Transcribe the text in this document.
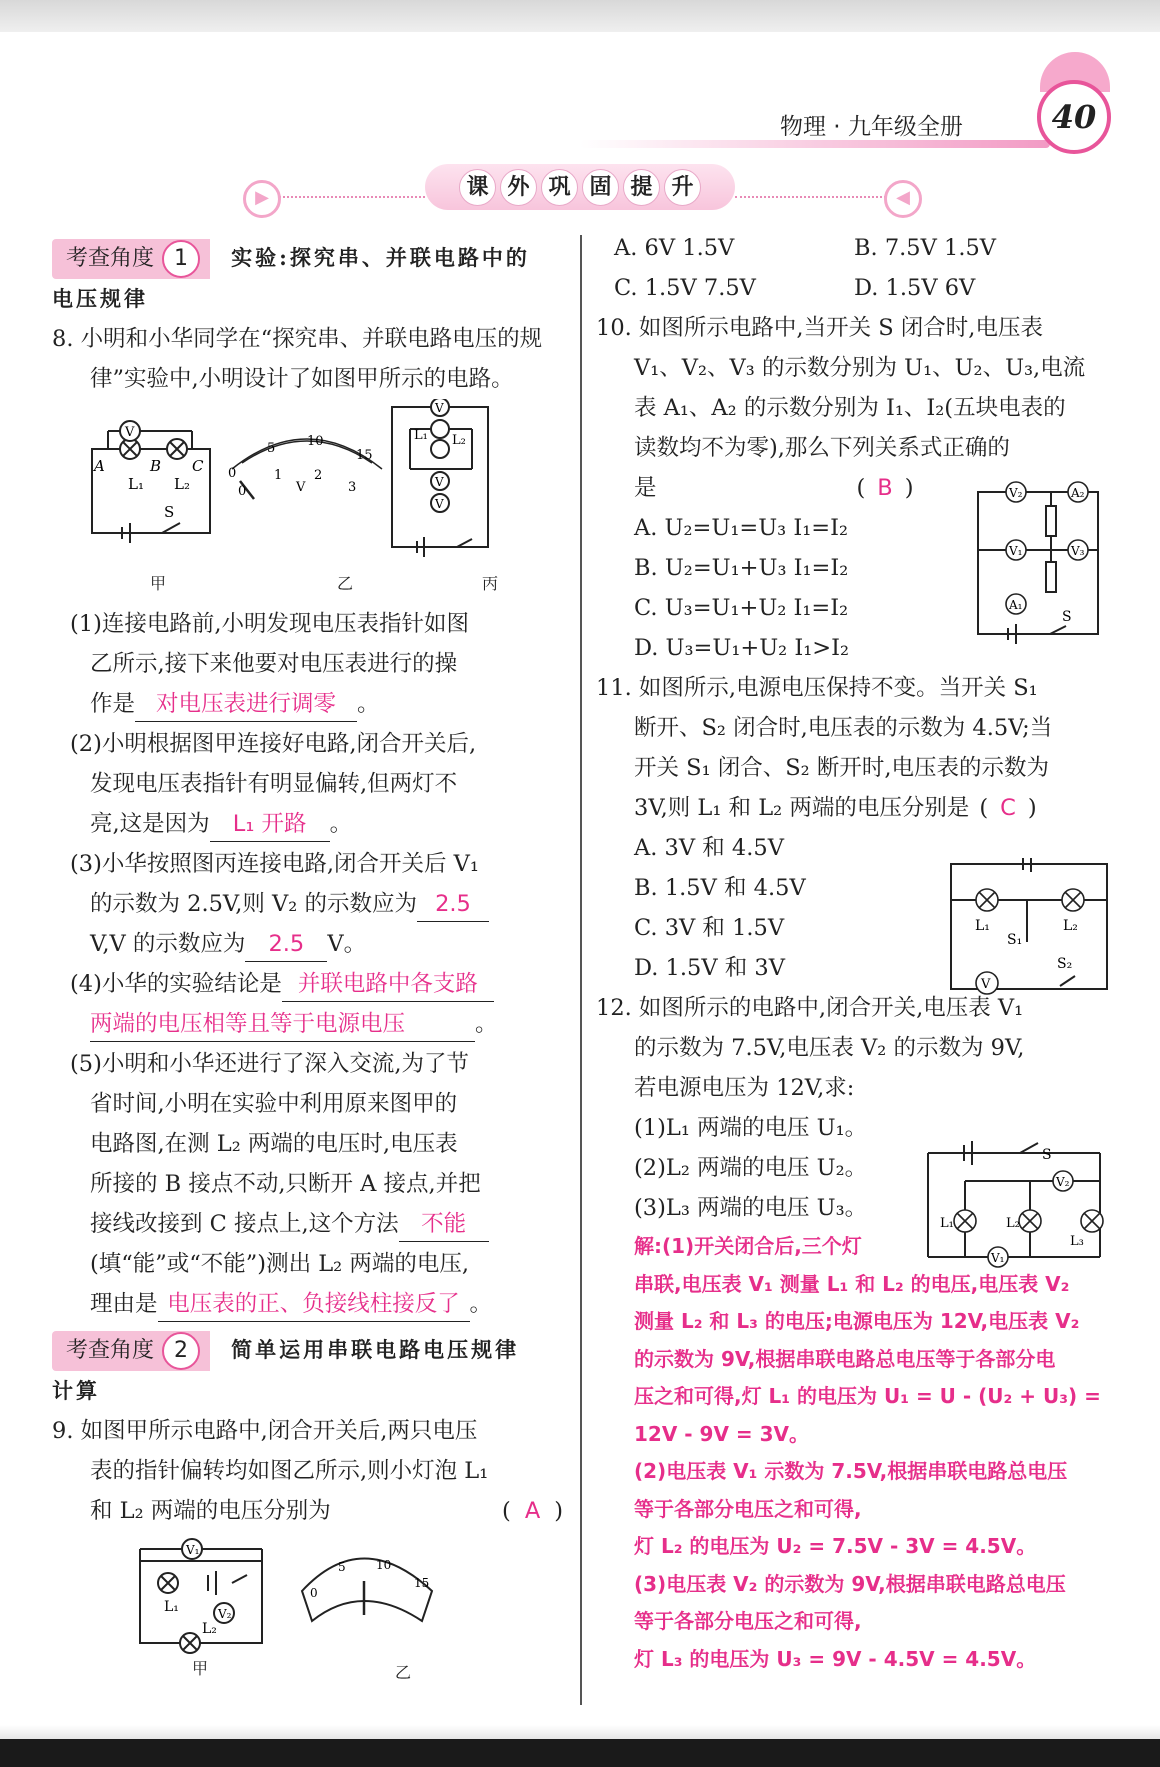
物理 · 九年级全册	40
▶	◀
课 外 巩 固 提 升

考查角度 1 实验:探究串、并联电路中的

电压规律

8. 小明和小华同学在“探究串、并联电路电压的规

律”实验中,小明设计了如图甲所示的电路。

V
A	B C
L₁ L₂
S
0
5 10
15
0
1
V
2
3
V
V
V
L₁ L₂
甲	乙	丙

(1)连接电路前,小明发现电压表指针如图

乙所示,接下来他要对电压表进行的操

作是 对电压表进行调零 。

(2)小明根据图甲连接好电路,闭合开关后,

发现电压表指针有明显偏转,但两灯不

亮,这是因为 L₁ 开路 。

(3)小华按照图丙连接电路,闭合开关后 V₁

的示数为 2.5V,则 V₂ 的示数应为 2.5

V,V 的示数应为 2.5 V。

(4)小华的实验结论是 并联电路中各支路

两端的电压相等且等于电源电压	。

(5)小明和小华还进行了深入交流,为了节

省时间,小明在实验中利用原来图甲的

电路图,在测 L₂ 两端的电压时,电压表

所接的 B 接点不动,只断开 A 接点,并把

接线改接到 C 接点上,这个方法 不能

(填“能”或“不能”)测出 L₂ 两端的电压,

理由是 电压表的正、负接线柱接反了 。

考查角度 2 简单运用串联电路电压规律

计算

9. 如图甲所示电路中,闭合开关后,两只电压

表的指针偏转均如图乙所示,则小灯泡 L₁

和 L₂ 两端的电压分别为	( A )

V₁
V₂
L₁
L₂
0
5	10
15
甲	乙

A. 6V 1.5V	B. 7.5V 1.5V

C. 1.5V 7.5V	D. 1.5V 6V

10. 如图所示电路中,当开关 S 闭合时,电压表

V₁、V₂、V₃ 的示数分别为 U₁、U₂、U₃,电流

表 A₁、A₂ 的示数分别为 I₁、I₂(五块电表的

读数均不为零),那么下列关系式正确的

是	( B )

A. U₂=U₁=U₃ I₁=I₂

B. U₂=U₁+U₃ I₁=I₂

C. U₃=U₁+U₂ I₁=I₂

D. U₃=U₁+U₂ I₁>I₂

11. 如图所示,电源电压保持不变。当开关 S₁

断开、S₂ 闭合时,电压表的示数为 4.5V;当

开关 S₁ 闭合、S₂ 断开时,电压表的示数为

3V,则 L₁ 和 L₂ 两端的电压分别是 ( C )

A. 3V 和 4.5V

B. 1.5V 和 4.5V

C. 3V 和 1.5V

D. 1.5V 和 3V

12. 如图所示的电路中,闭合开关,电压表 V₁

的示数为 7.5V,电压表 V₂ 的示数为 9V,

若电源电压为 12V,求:

(1)L₁ 两端的电压 U₁。

(2)L₂ 两端的电压 U₂。

(3)L₃ 两端的电压 U₃。

解:(1)开关闭合后,三个灯

串联,电压表 V₁ 测量 L₁ 和 L₂ 的电压,电压表 V₂

测量 L₂ 和 L₃ 的电压;电源电压为 12V,电压表 V₂

的示数为 9V,根据串联电路总电压等于各部分电

压之和可得,灯 L₁ 的电压为 U₁ = U - (U₂ + U₃) =

12V - 9V = 3V。

(2)电压表 V₁ 示数为 7.5V,根据串联电路总电压

等于各部分电压之和可得,

灯 L₂ 的电压为 U₂ = 7.5V - 3V = 4.5V。

(3)电压表 V₂ 的示数为 9V,根据串联电路总电压

等于各部分电压之和可得,

灯 L₃ 的电压为 U₃ = 9V - 4.5V = 4.5V。

V₂	A₂
V₁	V₃
A₁
S
V
L₁	L₂
S₁
S₂
V₂
V₁
S
L₁	L₂
L₃
